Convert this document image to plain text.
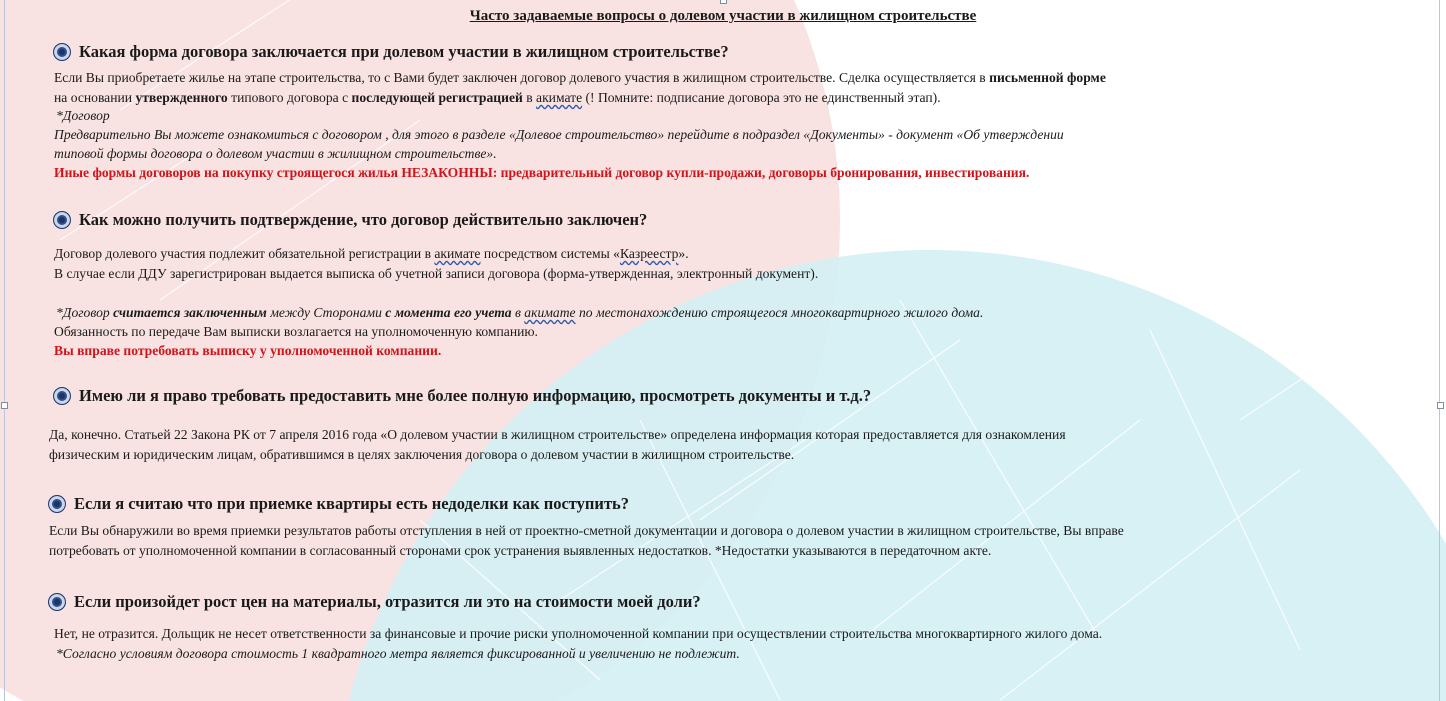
Часто задаваемые вопросы о долевом участии в жилищном строительстве
Какая форма договора заключается при долевом участии в жилищном строительстве?
Если Вы приобретаете жилье на этапе строительства, то с Вами будет заключен договор долевого участия в жилищном строительстве. Сделка осуществляется в письменной форме
на основании утвержденного типового договора с последующей регистрацией в акимате (! Помните: подписание договора это не единственный этап).
*Договор
Предварительно Вы можете ознакомиться с договором , для этого в разделе «Долевое строительство» перейдите в подраздел «Документы» - документ «Об утверждении
типовой формы договора о долевом участии в жилищном строительстве».
Иные формы договоров на покупку строящегося жилья НЕЗАКОННЫ: предварительный договор купли-продажи, договоры бронирования, инвестирования.
Как можно получить подтверждение, что договор действительно заключен?
Договор долевого участия подлежит обязательной регистрации в акимате посредством системы «Казреестр».
В случае если ДДУ зарегистрирован выдается выписка об учетной записи договора (форма-утвержденная, электронный документ).
*Договор считается заключенным между Сторонами с момента его учета в акимате по местонахождению строящегося многоквартирного жилого дома.
Обязанность по передаче Вам выписки возлагается на уполномоченную компанию.
Вы вправе потребовать выписку у уполномоченной компании.
Имею ли я право требовать предоставить мне более полную информацию, просмотреть документы и т.д.?
Да, конечно. Статьей 22 Закона РК от 7 апреля 2016 года «О долевом участии в жилищном строительстве» определена информация которая предоставляется для ознакомления
физическим и юридическим лицам, обратившимся в целях заключения договора о долевом участии в жилищном строительстве.
Если я считаю что при приемке квартиры есть недоделки как поступить?
Если Вы обнаружили во время приемки результатов работы отступления в ней от проектно-сметной документации и договора о долевом участии в жилищном строительстве, Вы вправе
потребовать от уполномоченной компании в согласованный сторонами срок устранения выявленных недостатков. *Недостатки указываются в передаточном акте.
Если произойдет рост цен на материалы, отразится ли это на стоимости моей доли?
Нет, не отразится. Дольщик не несет ответственности за финансовые и прочие риски уполномоченной компании при осуществлении строительства многоквартирного жилого дома.
*Согласно условиям договора стоимость 1 квадратного метра является фиксированной и увеличению не подлежит.
